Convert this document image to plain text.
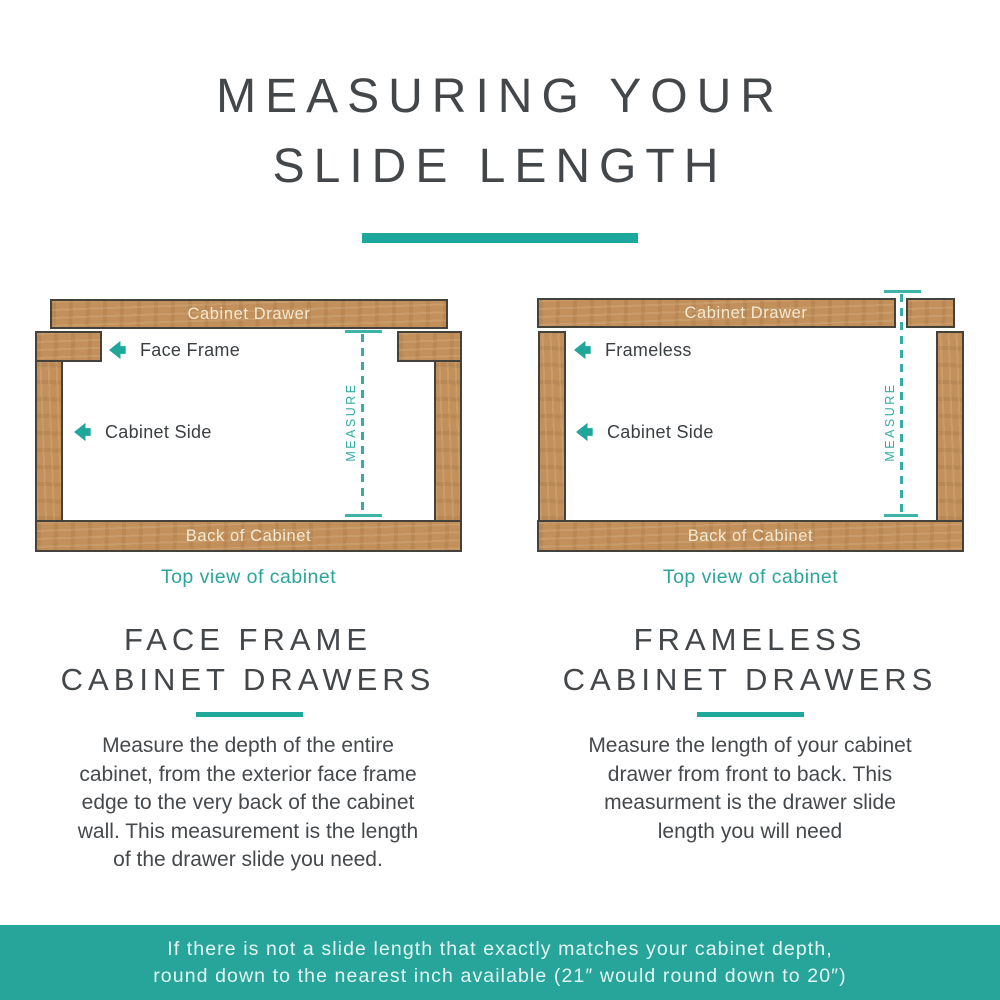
MEASURING YOUR
SLIDE LENGTH
Cabinet Drawer
Back of Cabinet
MEASURE
Face Frame
Cabinet Side
Top view of cabinet
FACE FRAME
CABINET DRAWERS
Measure the depth of the entire
cabinet, from the exterior face frame
edge to the very back of the cabinet
wall. This measurement is the length
of the drawer slide you need.
Cabinet Drawer
Back of Cabinet
MEASURE
Frameless
Cabinet Side
Top view of cabinet
FRAMELESS
CABINET DRAWERS
Measure the length of your cabinet
drawer from front to back. This
measurment is the drawer slide
length you will need
If there is not a slide length that exactly matches your cabinet depth,
round down to the nearest inch available (21″ would round down to 20″)
